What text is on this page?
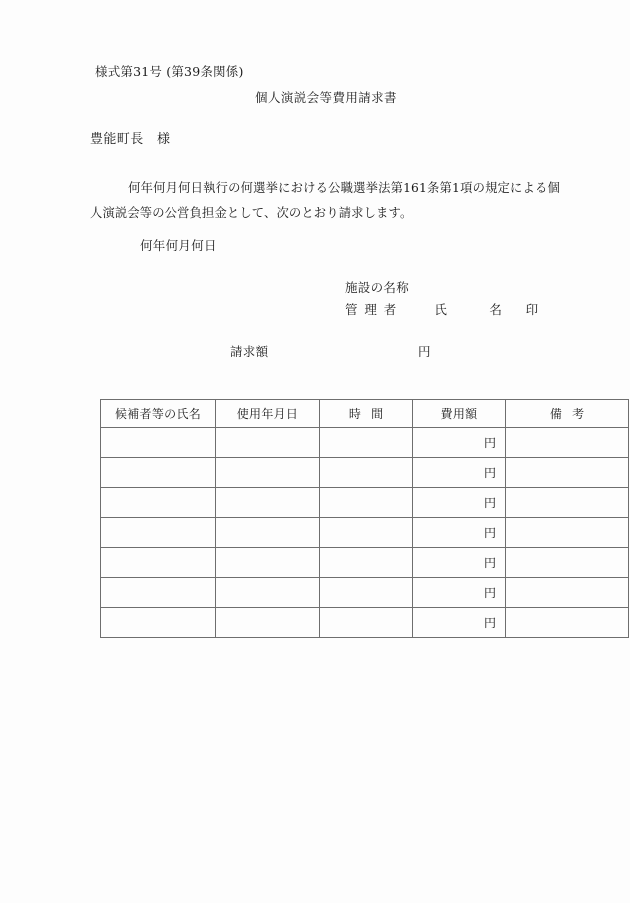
様式第31号 (第39条関係)
個人演説会等費用請求書
豊能町長　様
何年何月何日執行の何選挙における公職選挙法第161条第1項の規定による個人演説会等の公営負担金として、次のとおり請求します。
何年何月何日
施設の名称
管理者	氏	名 印
請求額	円
候補者等の氏名	使用年月日	時間	費用額	備考
			円	
			円	
			円	
			円	
			円	
			円	
			円	
